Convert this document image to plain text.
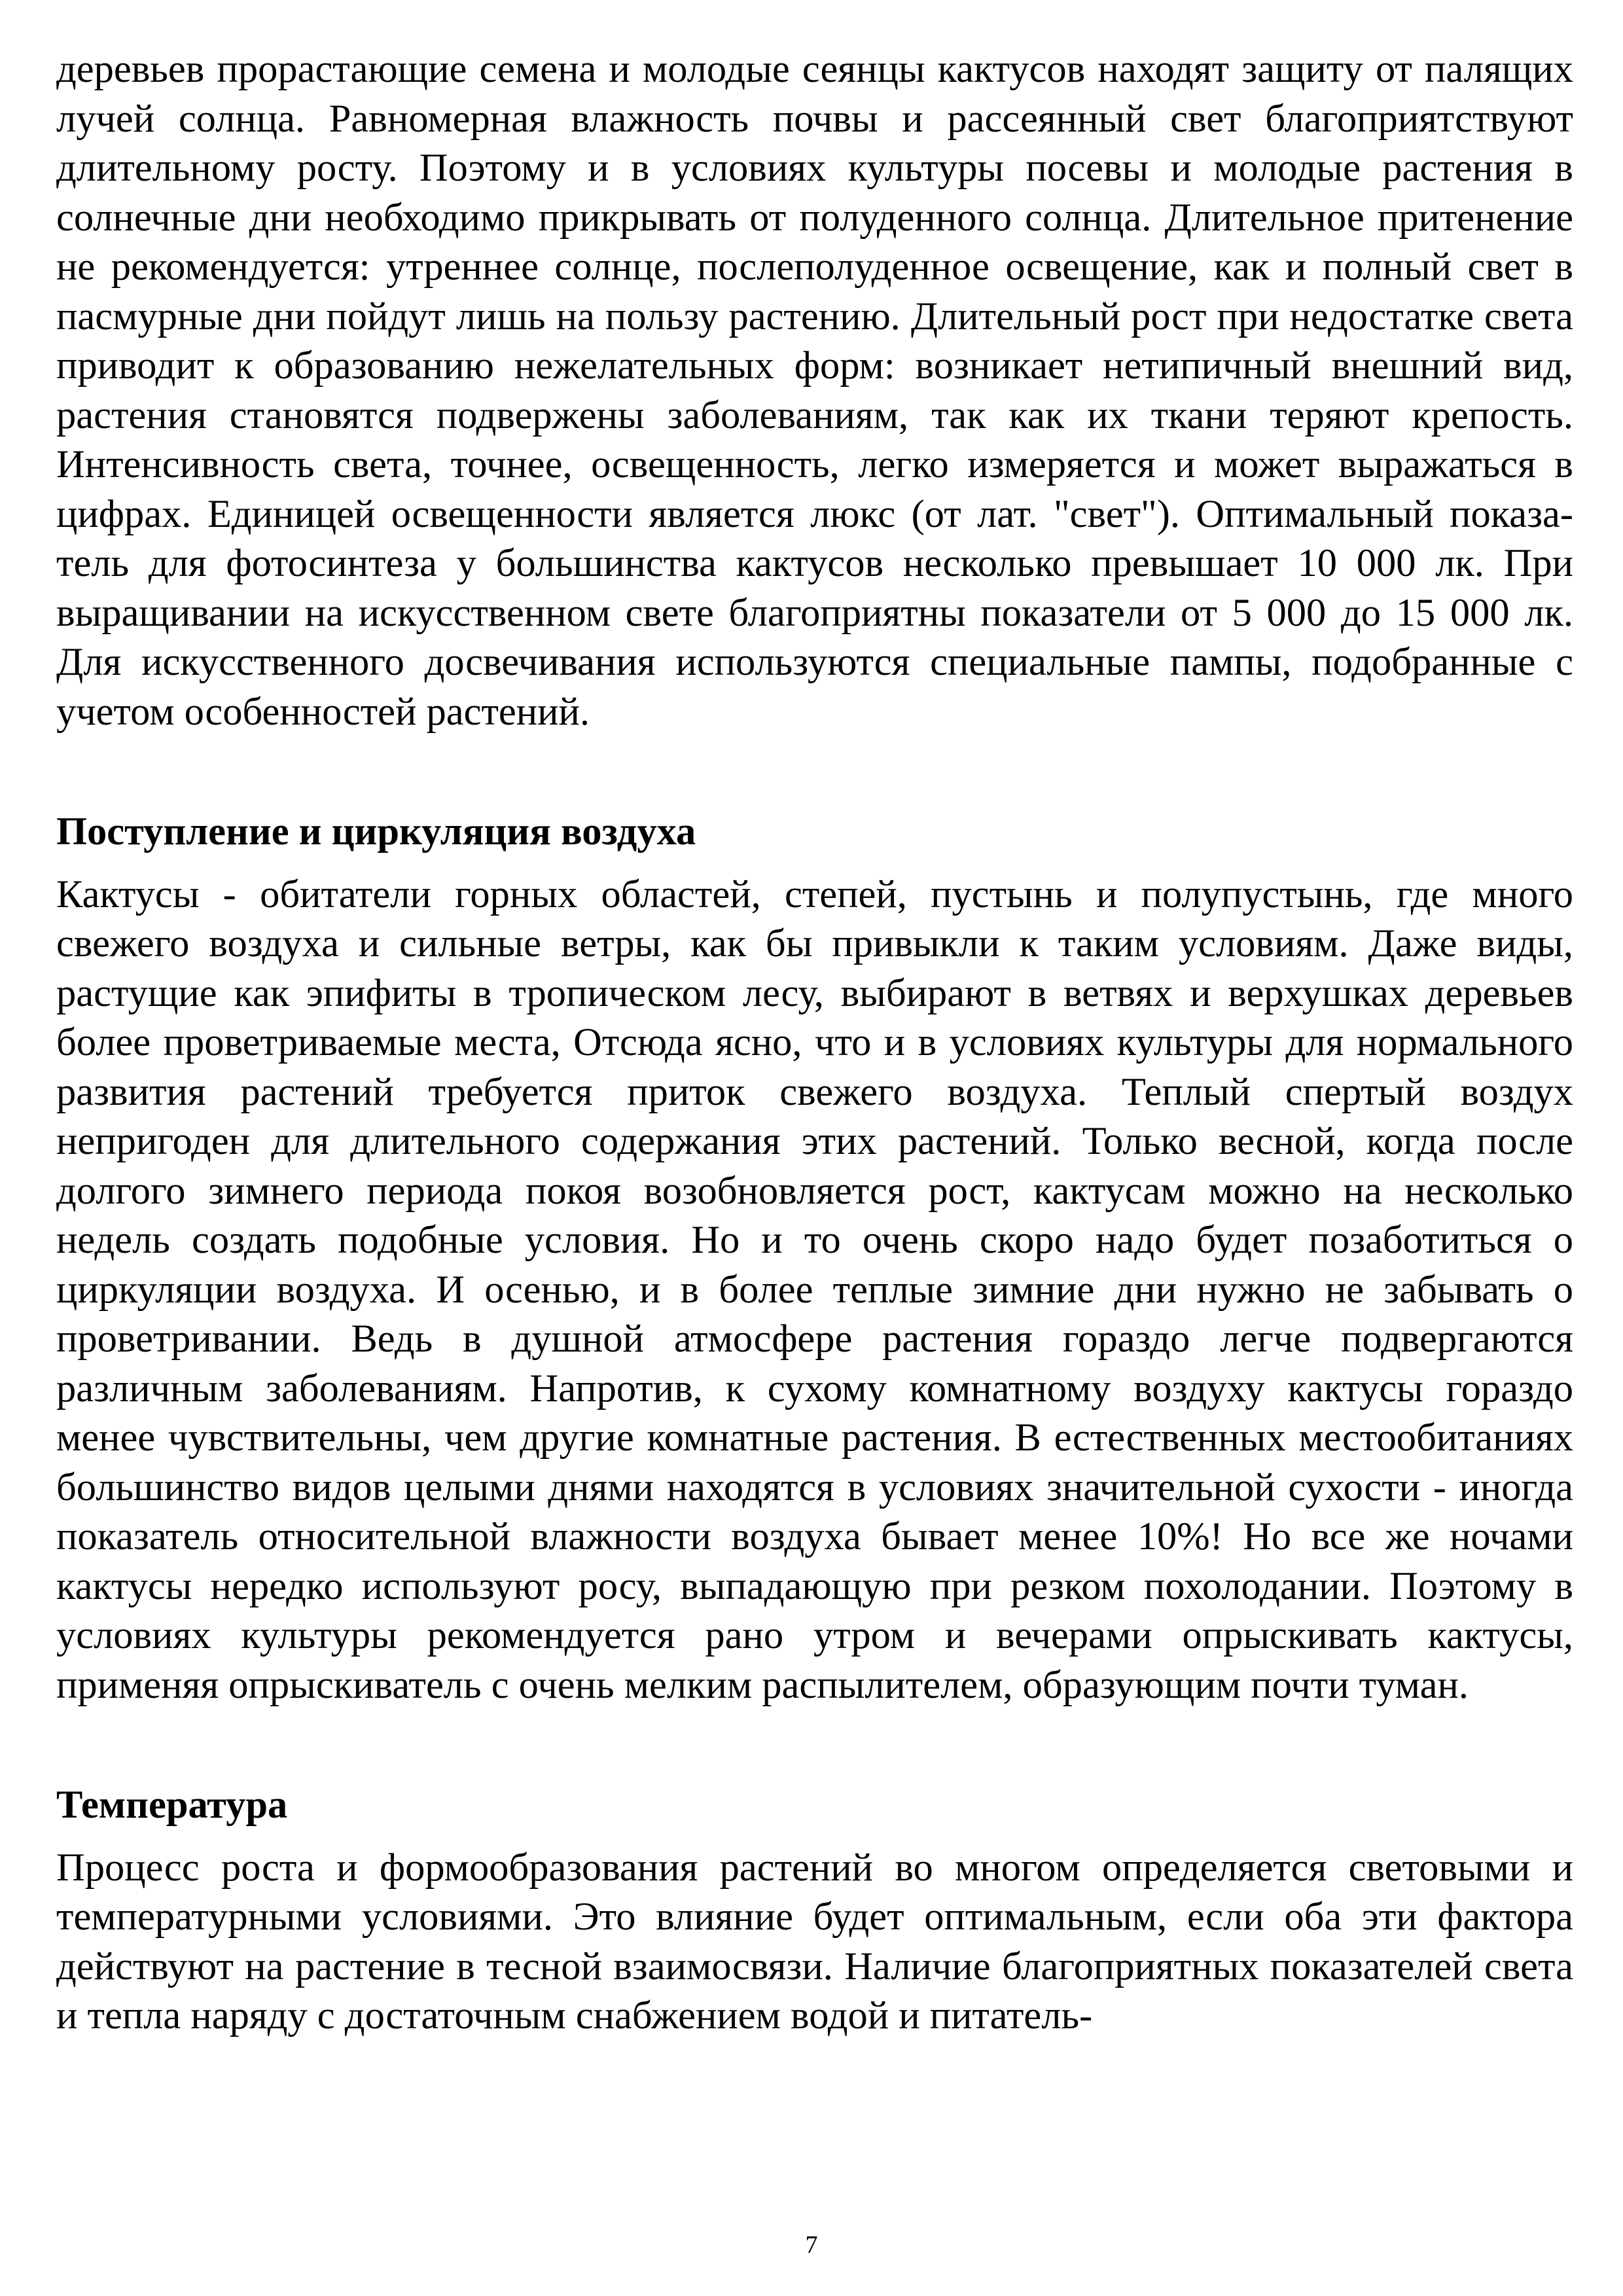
деревьев прорастающие семена и молодые сеянцы кактусов находят защиту от палящих лучей солнца. Равномерная влажность почвы и рассеянный свет благоприятствуют длительному росту. Поэтому и в условиях культуры посевы и молодые растения в солнечные дни необходимо прикрывать от полуденного солнца. Длительное притенение не рекомендуется: утреннее солнце, послеполуденное освещение, как и полный свет в пасмурные дни пойдут лишь на пользу растению. Длительный рост при недостатке света приводит к образованию нежелательных форм: возникает нетипичный внешний вид, растения становятся подвержены заболеваниям, так как их ткани теряют крепость. Интенсивность света, точнее, освещенность, легко измеряется и может выражаться в цифрах. Единицей освещенности является люкс (от лат. "свет"). Оптимальный показатель для фотосинтеза у большинства кактусов несколько превышает 10 000 лк. При выращивании на искусственном свете благоприятны показатели от 5 000 до 15 000 лк. Для искусственного досвечивания используются специальные пампы, подобранные с учетом особенностей растений.

Поступление и циркуляция воздуха

Кактусы - обитатели горных областей, степей, пустынь и полупустынь, где много свежего воздуха и сильные ветры, как бы привыкли к таким условиям. Даже виды, растущие как эпифиты в тропическом лесу, выбирают в ветвях и верхушках деревьев более проветриваемые места, Отсюда ясно, что и в условиях культуры для нормального развития растений требуется приток свежего воздуха. Теплый спертый воздух непригоден для длительного содержания этих растений. Только весной, когда после долгого зимнего периода покоя возобновляется рост, кактусам можно на несколько недель создать подобные условия. Но и то очень скоро надо будет позаботиться о циркуляции воздуха. И осенью, и в более теплые зимние дни нужно не забывать о проветривании. Ведь в душной атмосфере растения гораздо легче подвергаются различным заболеваниям. Напротив, к сухому комнатному воздуху кактусы гораздо менее чувствительны, чем другие комнатные растения. В естественных местообитаниях большинство видов целыми днями находятся в условиях значительной сухости - иногда показатель относительной влажности воздуха бывает менее 10%! Но все же ночами кактусы нередко используют росу, выпадающую при резком похолодании. Поэтому в условиях культуры рекомендуется рано утром и вечерами опрыскивать кактусы, применяя опрыскиватель с очень мелким распылителем, образующим почти туман.

Температура

Процесс роста и формообразования растений во многом определяется световыми и температурными условиями. Это влияние будет оптимальным, если оба эти фактора действуют на растение в тесной взаимосвязи. Наличие благоприятных показателей света и тепла наряду с достаточным снабжением водой и питатель-

7
